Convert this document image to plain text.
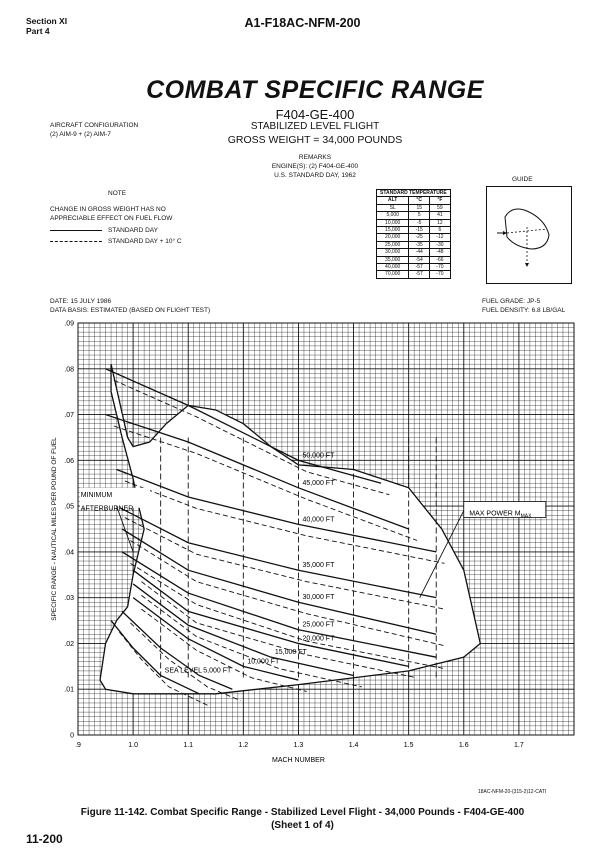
Section XI
Part 4
A1-F18AC-NFM-200
COMBAT SPECIFIC RANGE
F404-GE-400
STABILIZED LEVEL FLIGHT
GROSS WEIGHT = 34,000 POUNDS
REMARKS
ENGINE(S): (2) F404-GE-400
U.S. STANDARD DAY, 1962
AIRCRAFT CONFIGURATION
(2) AIM-9 + (2) AIM-7
NOTE
CHANGE IN GROSS WEIGHT HAS NO
APPRECIABLE EFFECT ON FUEL FLOW
STANDARD DAY
STANDARD DAY + 10° C
STANDARD TEMPERATURE		
ALT	°C	°F
SL	15	59
5,000	5	41
10,000	-5	12
15,000	-15	6
20,000	-25	-12
25,000	-35	-30
30,000	-44	-48
35,000	-54	-66
40,000	-57	-70
70,000	-57	-70
GUIDE
DATE: 15 JULY 1986
DATA BASIS: ESTIMATED (BASED ON FLIGHT TEST)
FUEL GRADE: JP-5
FUEL DENSITY: 6.8 LB/GAL
.9	1.0	1.1	1.2	1.3	1.4	1.5	1.6	1.7
0
.01
.02
.03
.04
.05
.06
.07
.08
.09
SEA LEVEL 5,000 FT
10,000 FT
15,000 FT
20,000 FT
25,000 FT
30,000 FT
35,000 FT
40,000 FT
45,000 FT
50,000 FT
MACH NUMBER
SPECIFIC RANGE - NAUTICAL MILES PER POUND OF FUEL	MINIMUM
AFTERBURNER
MAX POWER $M_{MAX}$
18AC-NFM-20-(315-2)12-CATI
Figure 11-142. Combat Specific Range - Stabilized Level Flight - 34,000 Pounds - F404-GE-400
(Sheet 1 of 4)
11-200
